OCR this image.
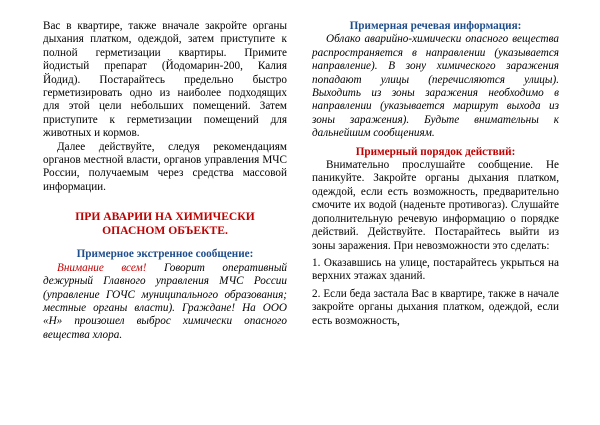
Вас в квартире, также вначале закройте органы дыхания платком, одеждой, затем приступите к полной герметизации квартиры. Примите йодистый препарат (Йодомарин-200, Калия Йодид). Постарайтесь предельно быстро герметизировать одно из наиболее подходящих для этой цели небольших помещений. Затем приступите к герметизации помещений для животных и кормов.

Далее действуйте, следуя рекомендациям органов местной власти, органов управления МЧС России, получаемым через средства массовой информации.

ПРИ АВАРИИ НА ХИМИЧЕСКИ ОПАСНОМ ОБЪЕКТЕ.

Примерное экстренное сообщение:

Внимание всем! Говорит оперативный дежурный Главного управления МЧС России (управление ГОЧС муниципального образования; местные органы власти). Граждане! На ООО «Н» произошел выброс химически опасного вещества хлора.

Примерная речевая информация:

Облако аварийно-химически опасного вещества распространяется в направлении (указывается направление). В зону химического заражения попадают улицы (перечисляются улицы). Выходить из зоны заражения необходимо в направлении (указывается маршрут выхода из зоны заражения). Будьте внимательны к дальнейшим сообщениям.

Примерный порядок действий:

Внимательно прослушайте сообщение. Не паникуйте. Закройте органы дыхания платком, одеждой, если есть возможность, предварительно смочите их водой (наденьте противогаз). Слушайте дополнительную речевую информацию о порядке действий. Действуйте. Постарайтесь выйти из зоны заражения. При невозможности это сделать:

1. Оказавшись на улице, постарайтесь укрыться на верхних этажах зданий.

2. Если беда застала Вас в квартире, также в начале закройте органы дыхания платком, одеждой, если есть возможность,
